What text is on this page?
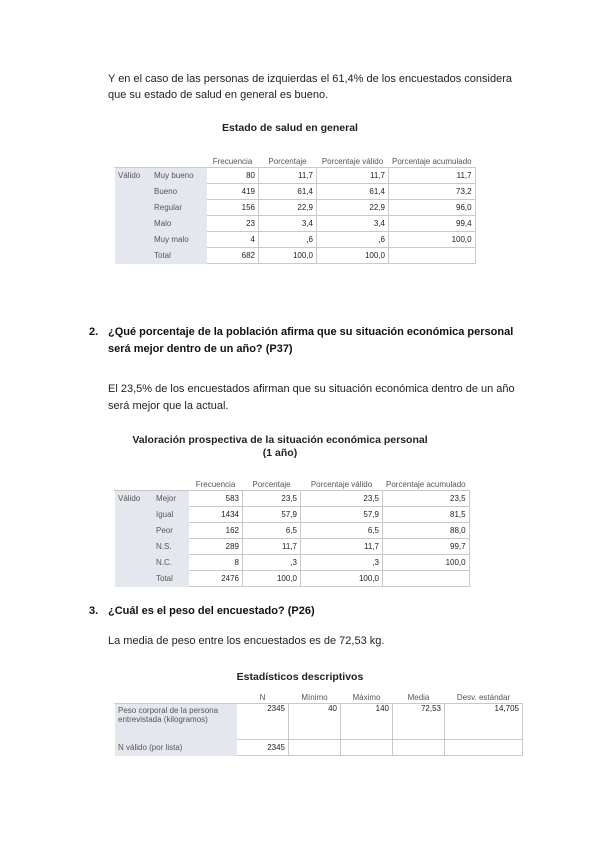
Y en el caso de las personas de izquierdas el 61,4% de los encuestados considera
que su estado de salud en general es bueno.
Estado de salud en general
		Frecuencia	Porcentaje	Porcentaje válido	Porcentaje acumulado
Válido	Muy bueno	80	11,7	11,7	11,7
	Bueno	419	61,4	61,4	73,2
	Regular	156	22,9	22,9	96,0
	Malo	23	3,4	3,4	99,4
	Muy malo	4	,6	,6	100,0
	Total	682	100,0	100,0	
2. ¿Qué porcentaje de la población afirma que su situación económica personal
será mejor dentro de un año? (P37)
El 23,5% de los encuestados afirman que su situación económica dentro de un año
será mejor que la actual.
Valoración prospectiva de la situación económica personal
(1 año)
		Frecuencia	Porcentaje	Porcentaje válido	Porcentaje acumulado
Válido	Mejor	583	23,5	23,5	23,5
	Igual	1434	57,9	57,9	81,5
	Peor	162	6,5	6,5	88,0
	N.S.	289	11,7	11,7	99,7
	N.C.	8	,3	,3	100,0
	Total	2476	100,0	100,0	
3. ¿Cuál es el peso del encuestado? (P26)
La media de peso entre los encuestados es de 72,53 kg.
Estadísticos descriptivos
	N	Mínimo	Máximo	Media	Desv. estándar
Peso corporal de la persona entrevistada (kilogramos)	2345	40	140	72,53	14,705
N válido (por lista)	2345				
